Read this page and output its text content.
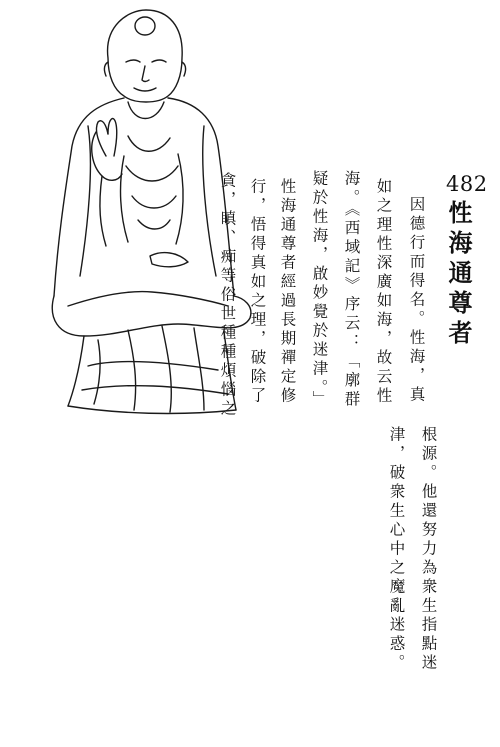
482
性海通尊者
因德行而得名。性海，真
如之理性深廣如海，故云性
海。《西域記》序云：「廓群
疑於性海，啟妙覺於迷津。」
性海通尊者經過長期禪定修
行，悟得真如之理，破除了
貪，瞋、痴等俗世種種煩惱之
根源。他還努力為衆生指點迷
津，破衆生心中之魔亂迷惑。
